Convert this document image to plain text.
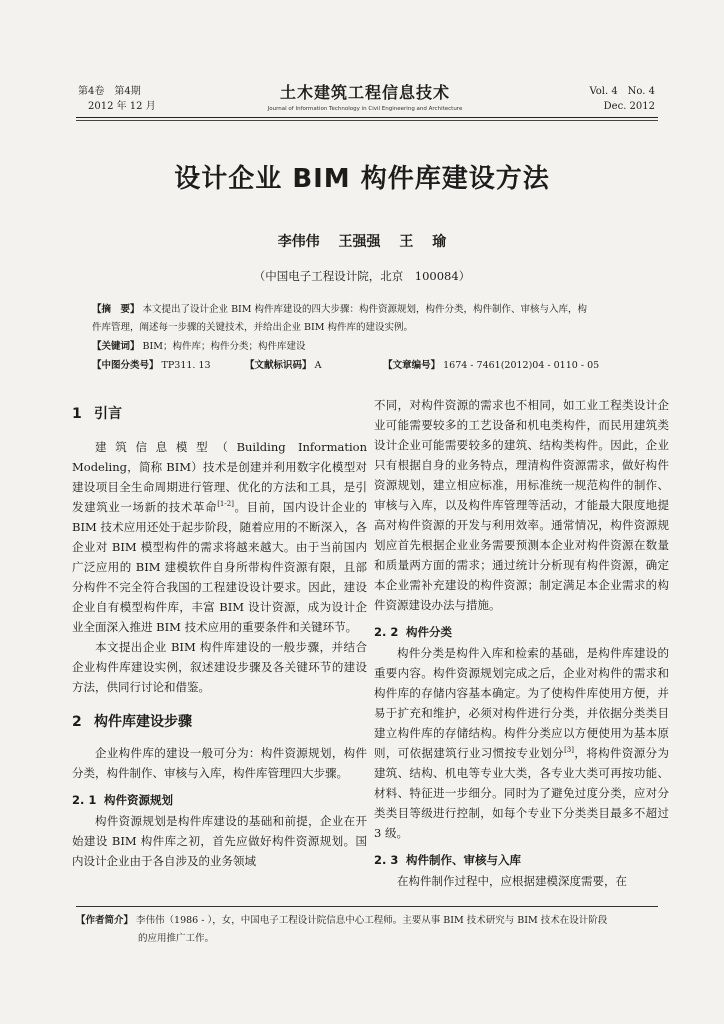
第4卷　第4期
2012 年 12 月
土木建筑工程信息技术
Journal of Information Technology in Civil Engineering and Architecture
Vol. 4　No. 4
Dec. 2012
设计企业 BIM 构件库建设方法
李伟伟 王强强 王 瑜
（中国电子工程设计院，北京　100084）
【摘　要】 本文提出了设计企业 BIM 构件库建设的四大步骤：构件资源规划，构件分类，构件制作、审核与入库，构
件库管理，阐述每一步骤的关键技术，并给出企业 BIM 构件库的建设实例。
【关键词】 BIM；构件库；构件分类；构件库建设
【中图分类号】 TP311. 13	【文献标识码】 A	【文章编号】 1674 - 7461(2012)04 - 0110 - 05
1 引言

建筑信息模型（Building Information Modeling，简称 BIM）技术是创建并利用数字化模型对建设项目全生命周期进行管理、优化的方法和工具，是引发建筑业一场新的技术革命[1-2]。目前，国内设计企业的 BIM 技术应用还处于起步阶段，随着应用的不断深入，各企业对 BIM 模型构件的需求将越来越大。由于当前国内广泛应用的 BIM 建模软件自身所带构件资源有限，且部分构件不完全符合我国的工程建设设计要求。因此，建设企业自有模型构件库，丰富 BIM 设计资源，成为设计企业全面深入推进 BIM 技术应用的重要条件和关键环节。

本文提出企业 BIM 构件库建设的一般步骤，并结合企业构件库建设实例，叙述建设步骤及各关键环节的建设方法，供同行讨论和借鉴。

2 构件库建设步骤

企业构件库的建设一般可分为：构件资源规划，构件分类，构件制作、审核与入库，构件库管理四大步骤。

2. 1 构件资源规划

构件资源规划是构件库建设的基础和前提，企业在开始建设 BIM 构件库之初，首先应做好构件资源规划。国内设计企业由于各自涉及的业务领域

不同，对构件资源的需求也不相同，如工业工程类设计企业可能需要较多的工艺设备和机电类构件，而民用建筑类设计企业可能需要较多的建筑、结构类构件。因此，企业只有根据自身的业务特点，理清构件资源需求，做好构件资源规划，建立相应标准，用标准统一规范构件的制作、审核与入库，以及构件库管理等活动，才能最大限度地提高对构件资源的开发与利用效率。通常情况，构件资源规划应首先根据企业业务需要预测本企业对构件资源在数量和质量两方面的需求；通过统计分析现有构件资源，确定本企业需补充建设的构件资源；制定满足本企业需求的构件资源建设办法与措施。

2. 2 构件分类

构件分类是构件入库和检索的基础，是构件库建设的重要内容。构件资源规划完成之后，企业对构件的需求和构件库的存储内容基本确定。为了使构件库使用方便，并易于扩充和维护，必须对构件进行分类，并依据分类类目建立构件库的存储结构。构件分类应以方便使用为基本原则，可依据建筑行业习惯按专业划分[3]，将构件资源分为建筑、结构、机电等专业大类，各专业大类可再按功能、材料、特征进一步细分。同时为了避免过度分类，应对分类类目等级进行控制，如每个专业下分类类目最多不超过 3 级。

2. 3 构件制作、审核与入库

在构件制作过程中，应根据建模深度需要，在

【作者简介】 李伟伟（1986 - ），女，中国电子工程设计院信息中心工程师。主要从事 BIM 技术研究与 BIM 技术在设计阶段
的应用推广工作。
